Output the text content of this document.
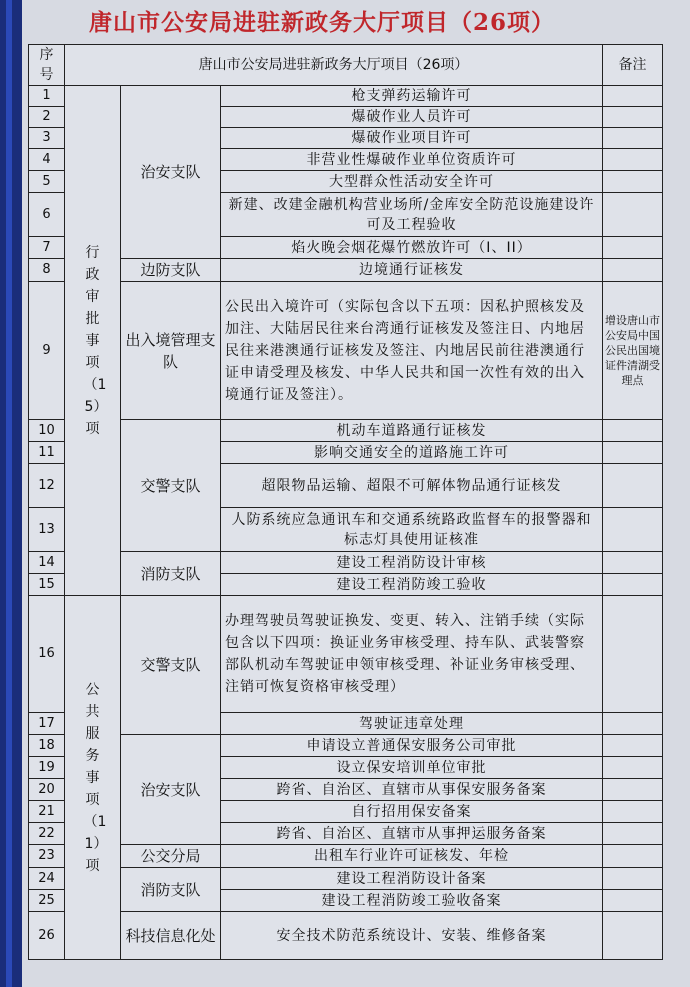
唐山市公安局进驻新政务大厅项目（26项）
序号	唐山市公安局进驻新政务大厅项目（26项）			备注
1	行政审批事项（15）项	治安支队	枪支弹药运输许可	
2			爆破作业人员许可	
3			爆破作业项目许可	
4			非营业性爆破作业单位资质许可	
5			大型群众性活动安全许可	
6			新建、改建金融机构营业场所/金库安全防范设施建设许可及工程验收	
7			焰火晚会烟花爆竹燃放许可（I、II）	
8		边防支队	边境通行证核发	
9		出入境管理支队	公民出入境许可（实际包含以下五项：因私护照核发及加注、大陆居民往来台湾通行证核发及签注日、内地居民往来港澳通行证核发及签注、内地居民前往港澳通行证申请受理及核发、中华人民共和国一次性有效的出入境通行证及签注）。	增设唐山市公安局中国公民出国境证件清湖受理点
10		交警支队	机动车道路通行证核发	
11			影响交通安全的道路施工许可	
12			超限物品运输、超限不可解体物品通行证核发	
13			人防系统应急通讯车和交通系统路政监督车的报警器和标志灯具使用证核准	
14		消防支队	建设工程消防设计审核	
15			建设工程消防竣工验收	
16	公共服务事项（11）项	交警支队	办理驾驶员驾驶证换发、变更、转入、注销手续（实际包含以下四项：换证业务审核受理、持车队、武装警察部队机动车驾驶证申领审核受理、补证业务审核受理、注销可恢复资格审核受理）	
17			驾驶证违章处理	
18		治安支队	申请设立普通保安服务公司审批	
19			设立保安培训单位审批	
20			跨省、自治区、直辖市从事保安服务备案	
21			自行招用保安备案	
22			跨省、自治区、直辖市从事押运服务备案	
23		公交分局	出租车行业许可证核发、年检	
24		消防支队	建设工程消防设计备案	
25			建设工程消防竣工验收备案	
26		科技信息化处	安全技术防范系统设计、安装、维修备案	
